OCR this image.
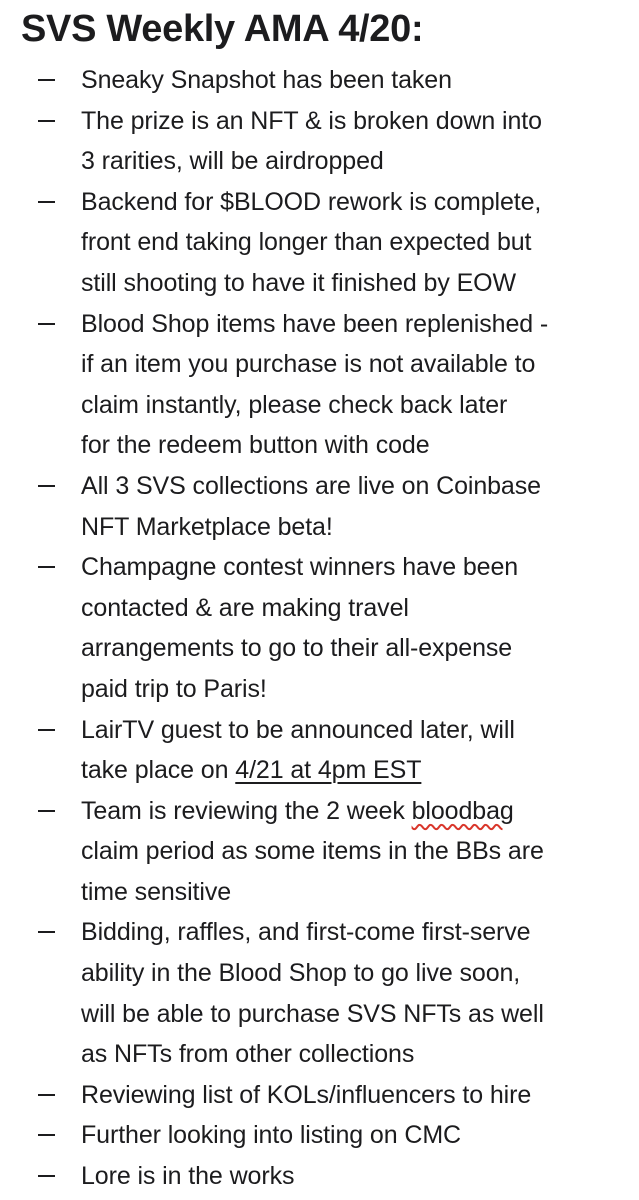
SVS Weekly AMA 4/20:
Sneaky Snapshot has been taken
The prize is an NFT & is broken down into
3 rarities, will be airdropped
Backend for $BLOOD rework is complete,
front end taking longer than expected but
still shooting to have it finished by EOW
Blood Shop items have been replenished -
if an item you purchase is not available to
claim instantly, please check back later
for the redeem button with code
All 3 SVS collections are live on Coinbase
NFT Marketplace beta!
Champagne contest winners have been
contacted & are making travel
arrangements to go to their all-expense
paid trip to Paris!
LairTV guest to be announced later, will
take place on 4/21 at 4pm EST
Team is reviewing the 2 week bloodbag
claim period as some items in the BBs are
time sensitive
Bidding, raffles, and first-come first-serve
ability in the Blood Shop to go live soon,
will be able to purchase SVS NFTs as well
as NFTs from other collections
Reviewing list of KOLs/influencers to hire
Further looking into listing on CMC
Lore is in the works
